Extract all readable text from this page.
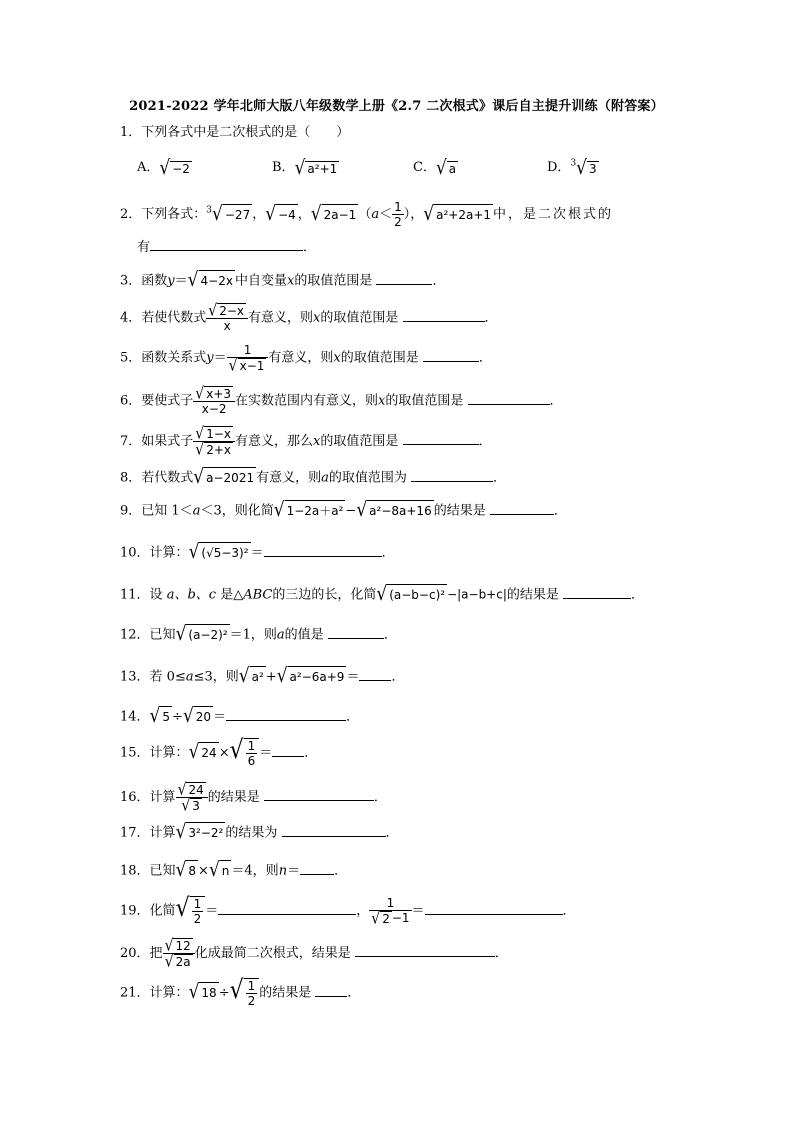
2021-2022 学年北师大版八年级数学上册《2.7 二次根式》课后自主提升训练（附答案）
1．下列各式中是二次根式的是（　　）
A．√ −2	B．√ a²+1	C．√ a	D．$^3$√ 3
2．下列各式：$^3$√ −27 ，√ −4 ，√ 2a−1 （$a< \frac{1}{2}$ ），√ a²+2a+1 中，是二次根式的
有	．
3．函数y＝√ 4−2x 中自变量x的取值范围是	．
4．若使代数式 $\frac{√ 2-x}{x}$ 有意义，则x的取值范围是	．
5．函数关系式$y= \frac{1}{√ x-1}$ 有意义，则x的取值范围是	．
6．要使式子 $\frac{√ x+3}{x-2}$ 在实数范围内有意义，则x的取值范围是	．
7．如果式子 $\frac{√ 1-x}{√ 2+x}$ 有意义，那么x的取值范围是	．
8．若代数式√ a−2021 有意义，则a的取值范围为	．
9．已知 1＜a＜3，则化简√ 1−2a＋a² −√ a²−8a+16 的结果是	．
10．计算：√ (√5−3)² ＝	．
11．设 a、b、c 是△ABC的三边的长，化简√ (a−b−c)² −|a−b+c|的结果是	．
12．已知√ (a−2)² ＝1，则a的值是	．
13．若 0≤a≤3，则√ a² +√ a²−6a+9 ＝ ．
14．√ 5 ÷√ 20 ＝	．
15．计算：√ 24 ×√ $\frac{1}{6}$ ＝ ．
16．计算 $\frac{√ 24}{√ 3}$ 的结果是	．
17．计算√ 3²−2² 的结果为	．
18．已知√ 8 ×√ n ＝4，则n＝	．
19．化简√ $\frac{1}{2}$ ＝	， $\frac{1}{√ 2 -1}$ ＝	．
20．把 $\frac{√ 12}{√ 2a}$ 化成最简二次根式，结果是	．
21．计算：√ 18 ÷√ $\frac{1}{2}$ 的结果是	．
